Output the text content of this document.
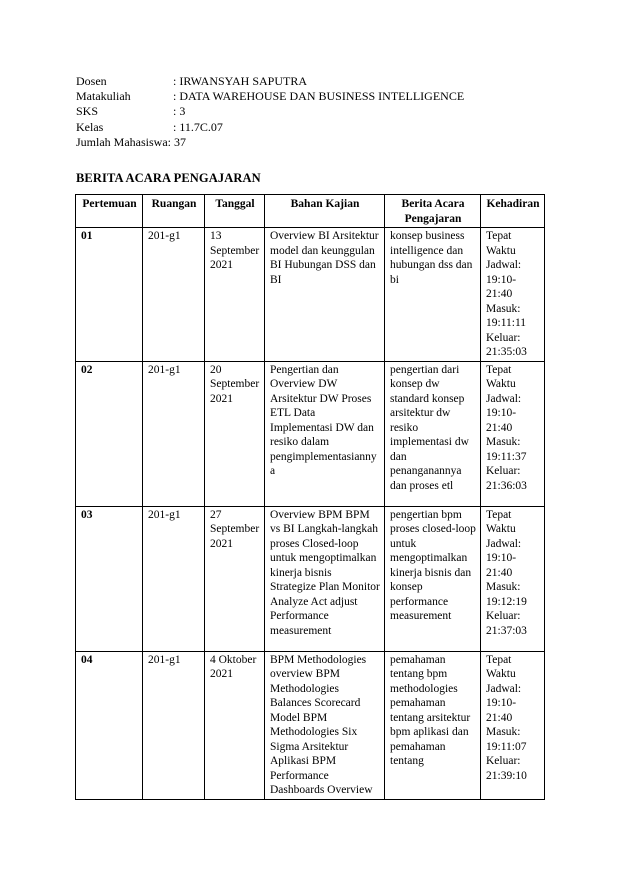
Dosen	: IRWANSYAH SAPUTRA
Matakuliah	: DATA WAREHOUSE DAN BUSINESS INTELLIGENCE
SKS	: 3
Kelas	: 11.7C.07
Jumlah Mahasiswa : 37
BERITA ACARA PENGAJARAN
Pertemuan	Ruangan	Tanggal	Bahan Kajian	Berita Acara Pengajaran	Kehadiran
01	201-g1	13 September 2021	Overview BI Arsitektur model dan keunggulan BI Hubungan DSS dan BI	konsep business intelligence dan hubungan dss dan bi	Tepat Waktu Jadwal: 19:10-21:40 Masuk: 19:11:11 Keluar: 21:35:03
02	201-g1	20 September 2021	Pengertian dan Overview DW Arsitektur DW Proses ETL Data Implementasi DW dan resiko dalam pengimplementasiannya	pengertian dari konsep dw standard konsep arsitektur dw resiko implementasi dw dan penanganannya dan proses etl	Tepat Waktu Jadwal: 19:10-21:40 Masuk: 19:11:37 Keluar: 21:36:03
03	201-g1	27 September 2021	Overview BPM BPM vs BI Langkah-langkah proses Closed-loop untuk mengoptimalkan kinerja bisnis Strategize Plan Monitor Analyze Act adjust Performance measurement	pengertian bpm proses closed-loop untuk mengoptimalkan kinerja bisnis dan konsep performance measurement	Tepat Waktu Jadwal: 19:10-21:40 Masuk: 19:12:19 Keluar: 21:37:03
04	201-g1	4 Oktober 2021	BPM Methodologies overview BPM Methodologies Balances Scorecard Model BPM Methodologies Six Sigma Arsitektur Aplikasi BPM Performance Dashboards Overview	pemahaman tentang bpm methodologies pemahaman tentang arsitektur bpm aplikasi dan pemahaman tentang	Tepat Waktu Jadwal: 19:10-21:40 Masuk: 19:11:07 Keluar: 21:39:10
